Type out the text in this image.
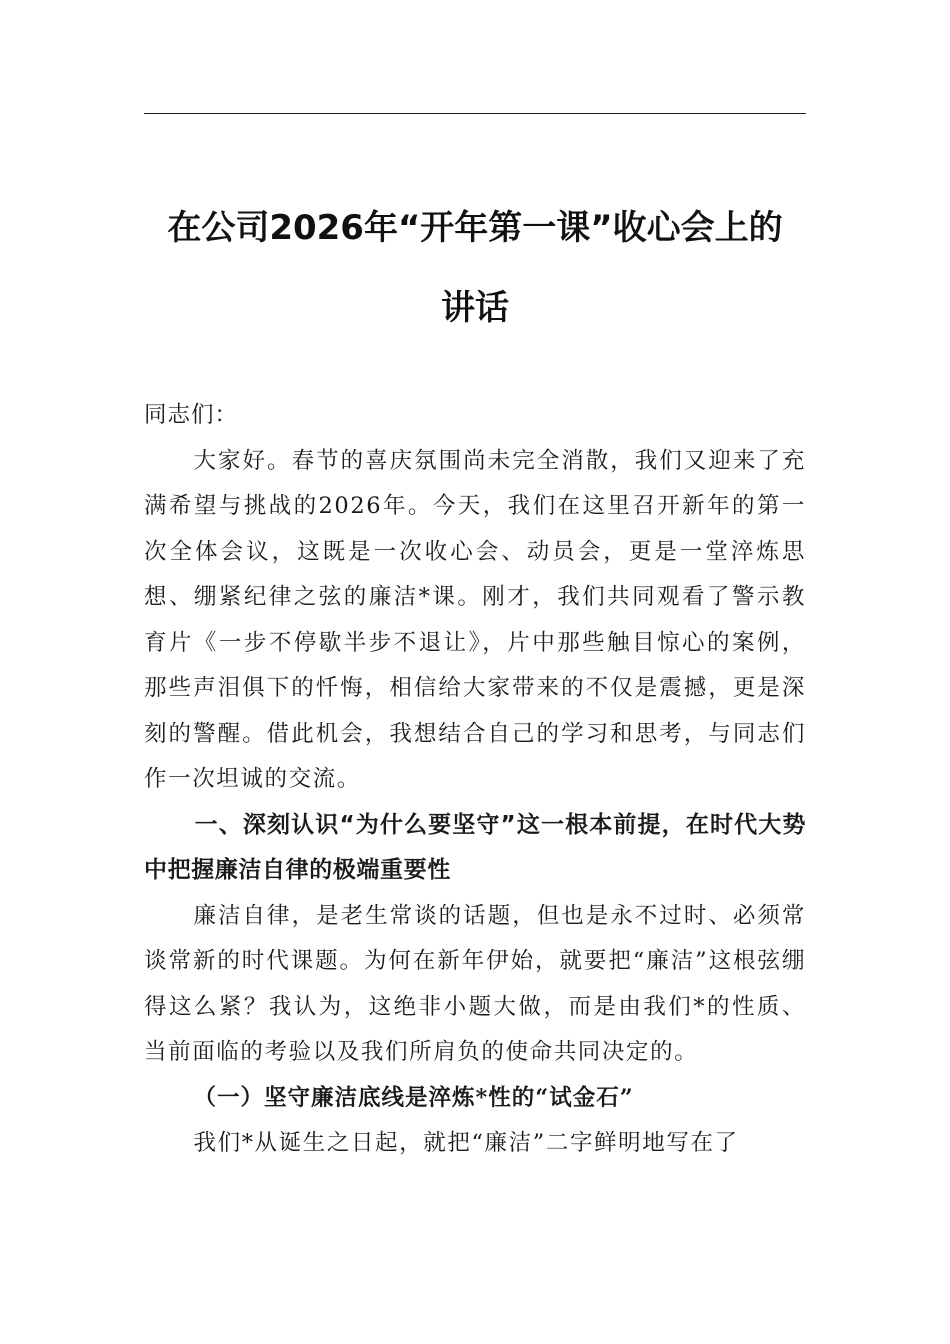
在公司2026年“开年第一课”收心会上的
讲话

同志们：

大家好。春节的喜庆氛围尚未完全消散，我们又迎来了充满希望与挑战的2026年。今天，我们在这里召开新年的第一次全体会议，这既是一次收心会、动员会，更是一堂淬炼思想、绷紧纪律之弦的廉洁*课。刚才，我们共同观看了警示教育片《一步不停歇半步不退让》，片中那些触目惊心的案例，那些声泪俱下的忏悔，相信给大家带来的不仅是震撼，更是深刻的警醒。借此机会，我想结合自己的学习和思考，与同志们作一次坦诚的交流。

一、深刻认识“为什么要坚守”这一根本前提，在时代大势中把握廉洁自律的极端重要性

廉洁自律，是老生常谈的话题，但也是永不过时、必须常谈常新的时代课题。为何在新年伊始，就要把“廉洁”这根弦绷得这么紧？我认为，这绝非小题大做，而是由我们*的性质、当前面临的考验以及我们所肩负的使命共同决定的。

（一）坚守廉洁底线是淬炼*性的“试金石”

我们*从诞生之日起，就把“廉洁”二字鲜明地写在了
